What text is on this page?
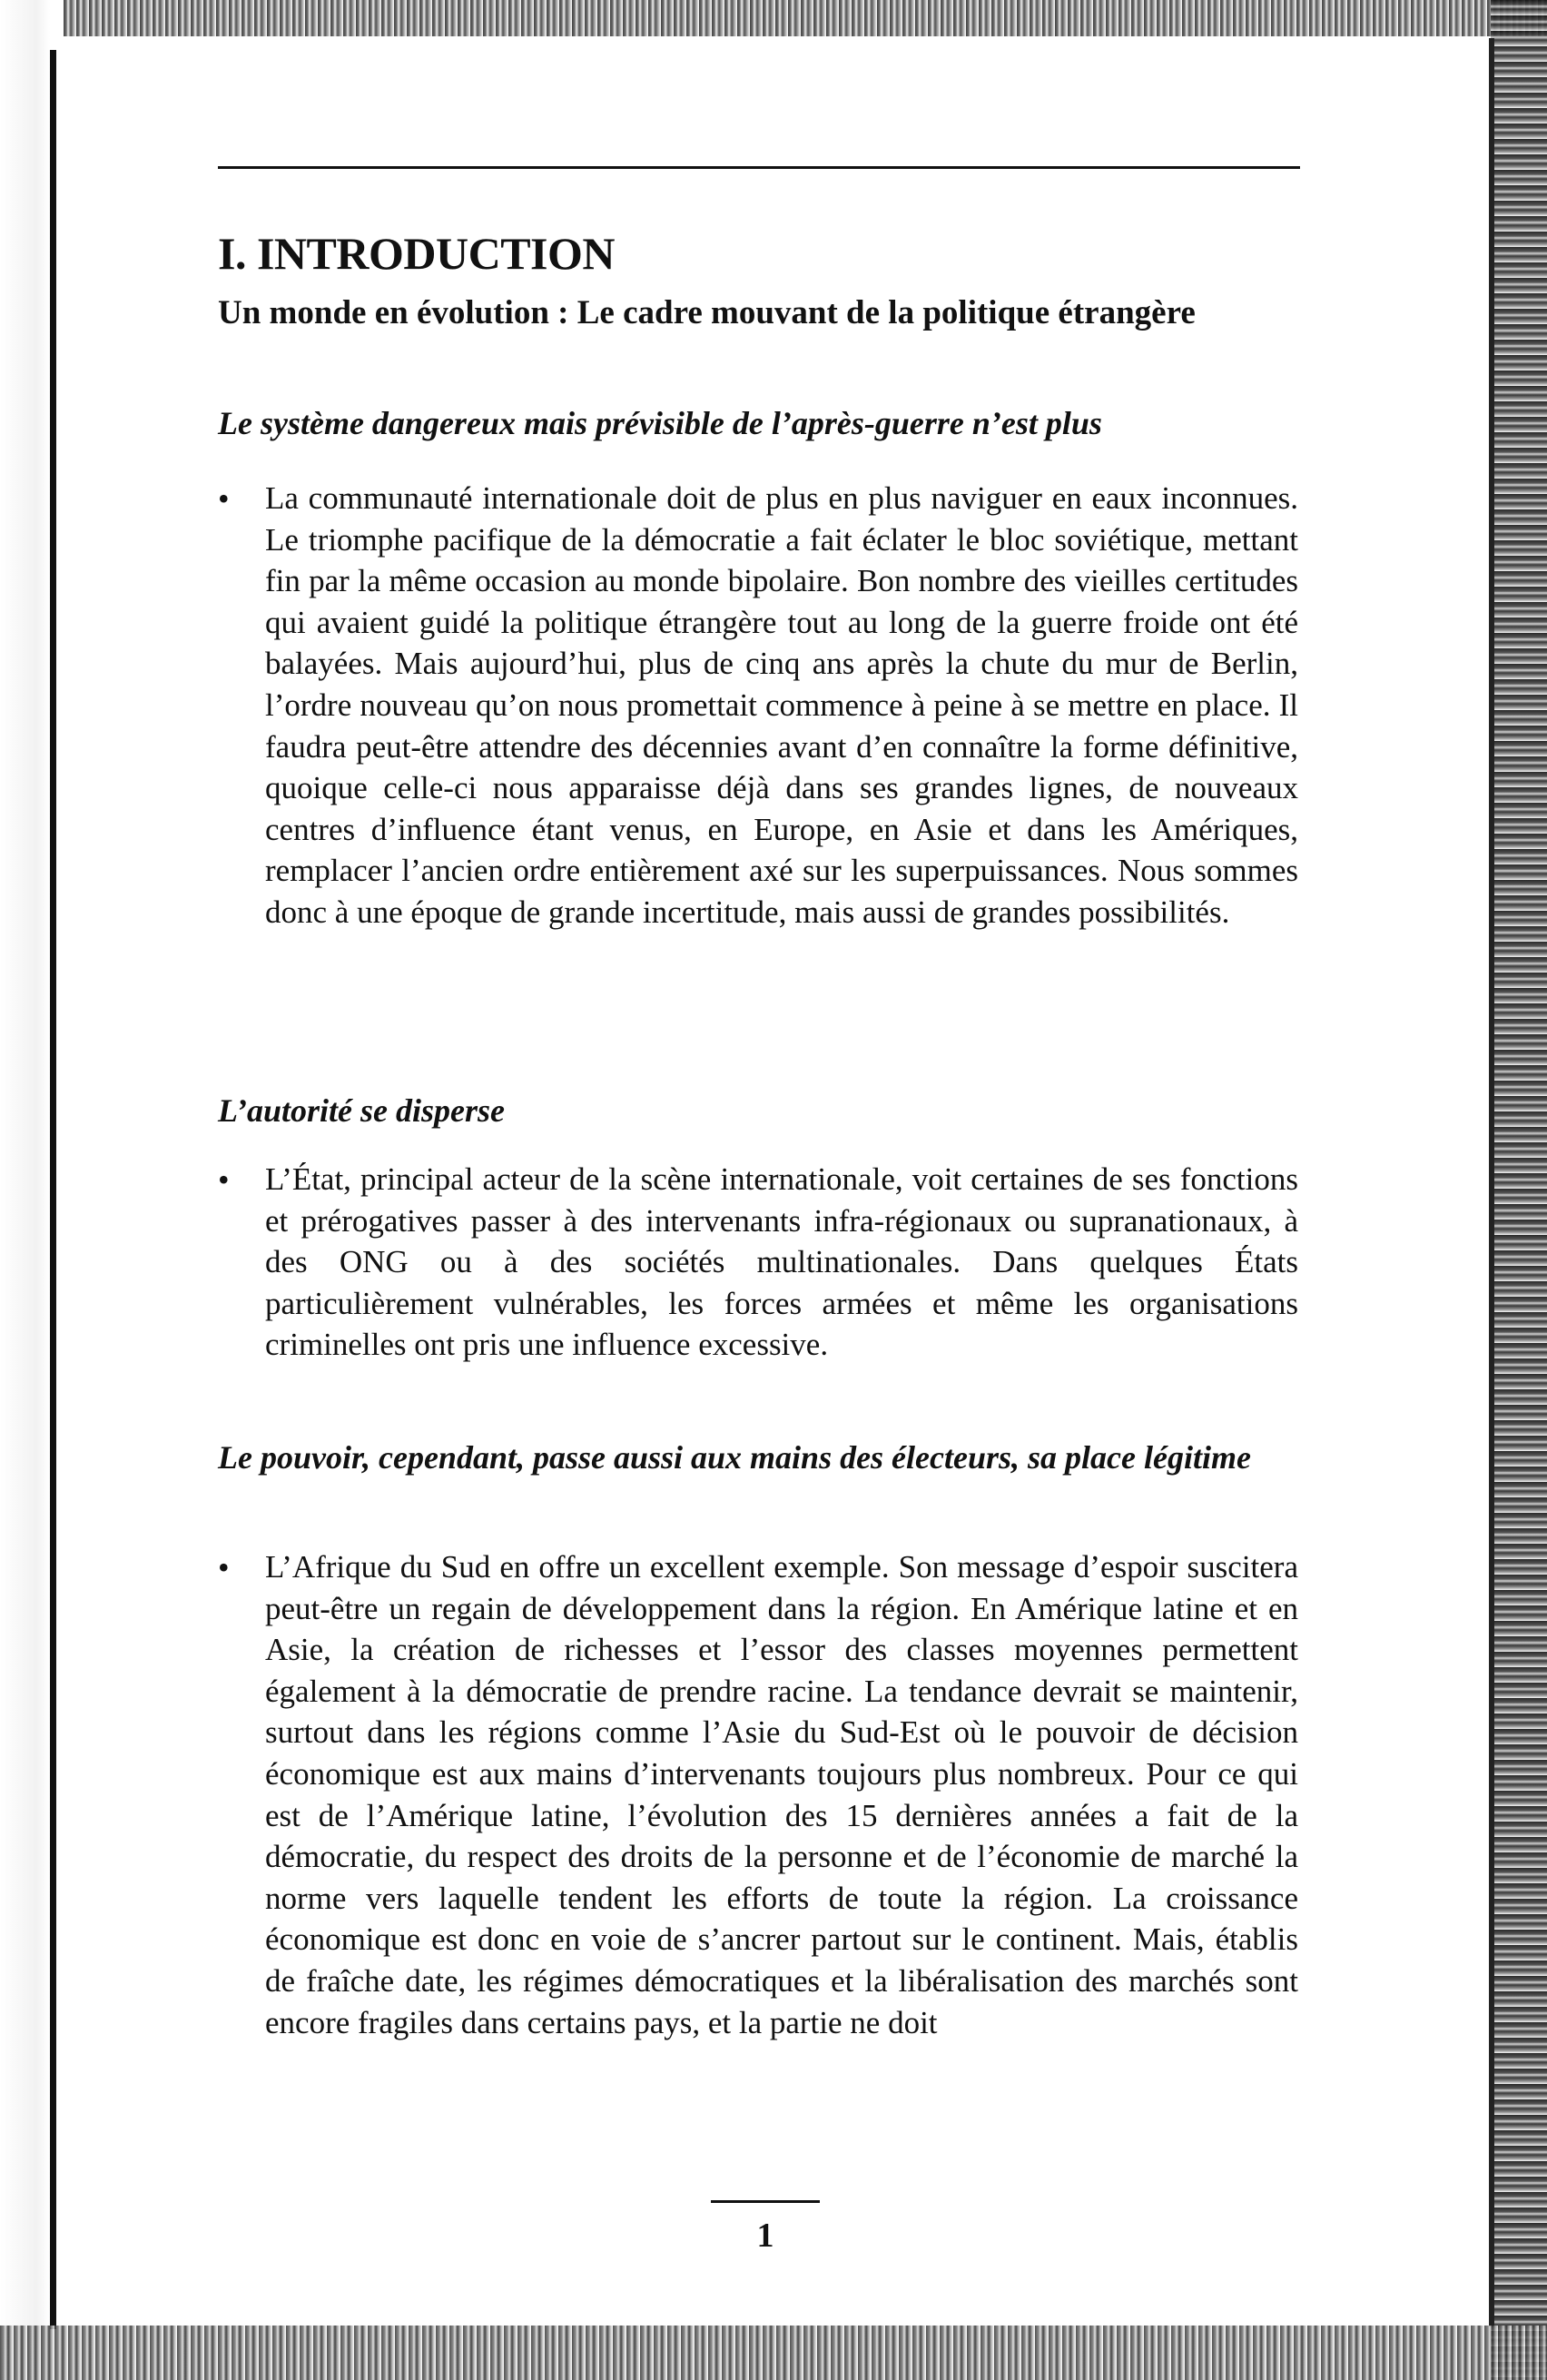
I. INTRODUCTION
Un monde en évolution : Le cadre mouvant de la politique étrangère
Le système dangereux mais prévisible de l’après-guerre n’est plus
• La communauté internationale doit de plus en plus naviguer en eaux inconnues. Le triomphe pacifique de la démocratie a fait éclater le bloc soviétique, mettant fin par la même occasion au monde bipolaire. Bon nombre des vieilles certitudes qui avaient guidé la politique étrangère tout au long de la guerre froide ont été balayées. Mais aujourd’hui, plus de cinq ans après la chute du mur de Berlin, l’ordre nouveau qu’on nous promettait commence à peine à se mettre en place. Il faudra peut-être attendre des décennies avant d’en connaître la forme définitive, quoique celle-ci nous apparaisse déjà dans ses grandes lignes, de nouveaux centres d’influence étant venus, en Europe, en Asie et dans les Amériques, remplacer l’ancien ordre entièrement axé sur les superpuissances. Nous sommes donc à une époque de grande incertitude, mais aussi de grandes possibilités.
L’autorité se disperse
• L’État, principal acteur de la scène internationale, voit certaines de ses fonctions et prérogatives passer à des intervenants infra-régionaux ou supranationaux, à des ONG ou à des sociétés multinationales. Dans quelques États particulièrement vulnérables, les forces armées et même les organisations criminelles ont pris une influence excessive.
Le pouvoir, cependant, passe aussi aux mains des électeurs, sa place légitime
• L’Afrique du Sud en offre un excellent exemple. Son message d’espoir suscitera peut-être un regain de développement dans la région. En Amérique latine et en Asie, la création de richesses et l’essor des classes moyennes permettent également à la démocratie de prendre racine. La tendance devrait se maintenir, surtout dans les régions comme l’Asie du Sud-Est où le pouvoir de décision économique est aux mains d’intervenants toujours plus nombreux. Pour ce qui est de l’Amérique latine, l’évolution des 15 dernières années a fait de la démocratie, du respect des droits de la personne et de l’économie de marché la norme vers laquelle tendent les efforts de toute la région. La croissance économique est donc en voie de s’ancrer partout sur le continent. Mais, établis de fraîche date, les régimes démocratiques et la libéralisation des marchés sont encore fragiles dans certains pays, et la partie ne doit
1
